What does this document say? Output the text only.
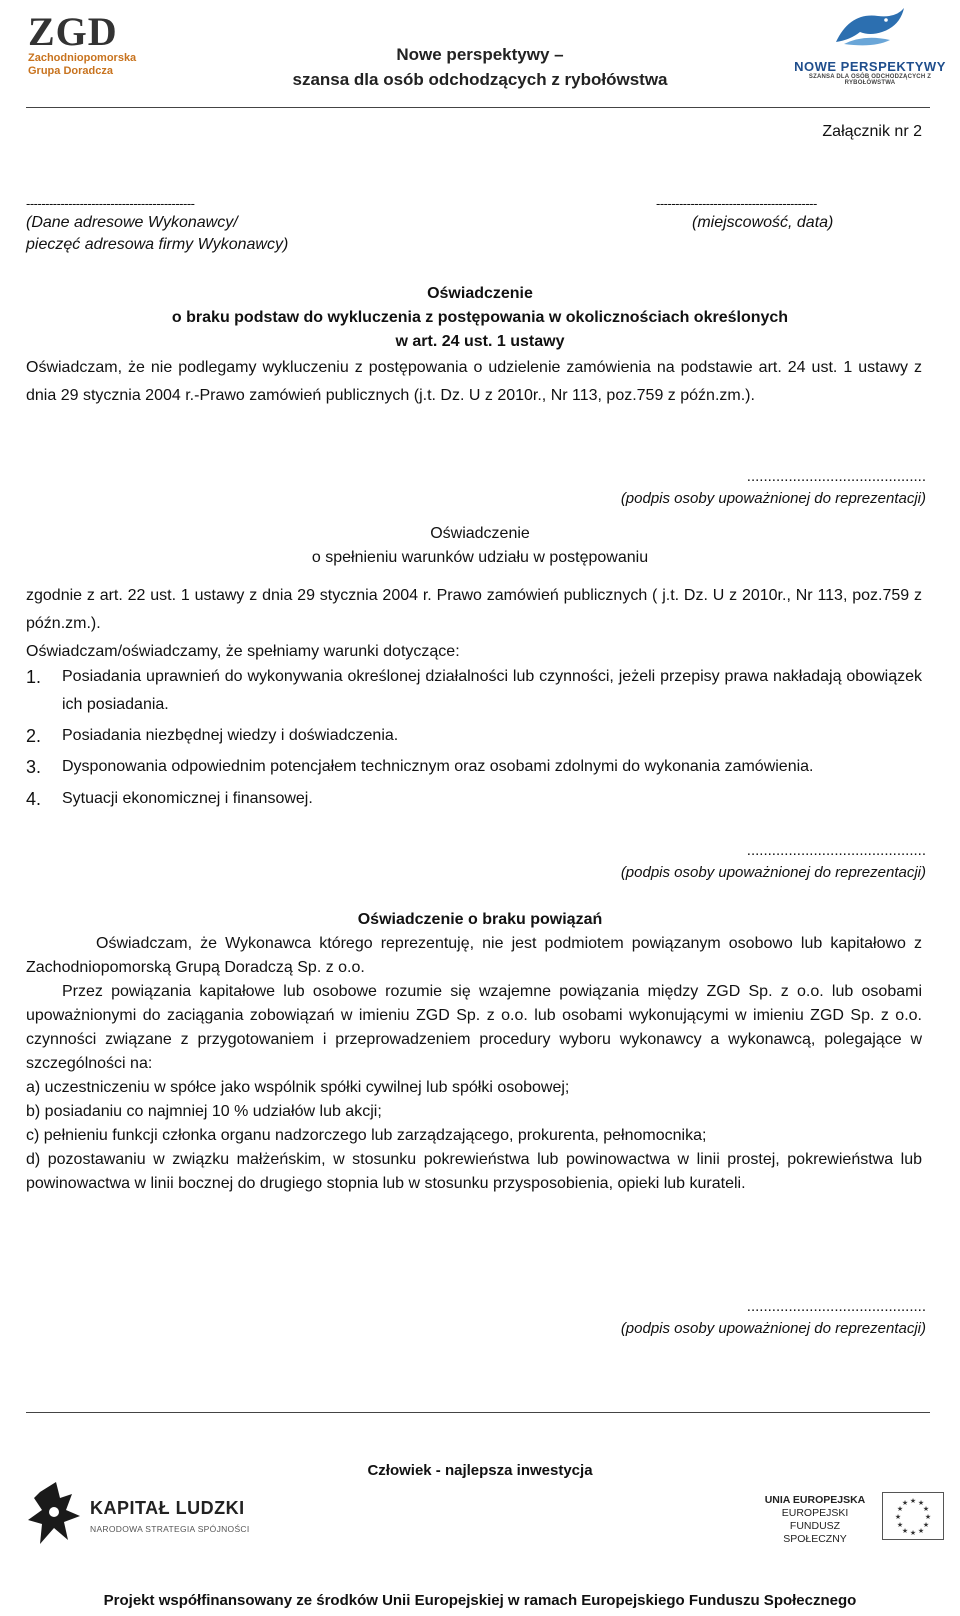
ZGD
Zachodniopomorska
Grupa Doradcza
Nowe perspektywy –
szansa dla osób odchodzących z rybołówstwa
NOWE PERSPEKTYWY
SZANSA DLA OSÓB ODCHODZĄCYCH Z RYBOŁÓWSTWA
Załącznik nr 2
--------------------------------------------	------------------------------------------
(Dane adresowe Wykonawcy/
pieczęć adresowa firmy Wykonawcy)
(miejscowość, data)
Oświadczenie
o braku podstaw do wykluczenia z postępowania w okolicznościach określonych
w art. 24 ust. 1 ustawy
Oświadczam, że nie podlegamy wykluczeniu z postępowania o udzielenie zamówienia na podstawie art. 24 ust. 1 ustawy z dnia 29 stycznia 2004 r.-Prawo zamówień publicznych (j.t. Dz. U z 2010r., Nr 113, poz.759 z późn.zm.).
...........................................
(podpis osoby upoważnionej do reprezentacji)
Oświadczenie
o spełnieniu warunków udziału w postępowaniu
zgodnie z art. 22 ust. 1 ustawy z dnia 29 stycznia 2004 r. Prawo zamówień publicznych ( j.t. Dz. U z 2010r., Nr 113, poz.759 z późn.zm.).
Oświadczam/oświadczamy, że spełniamy warunki dotyczące:
1. Posiadania uprawnień do wykonywania określonej działalności lub czynności, jeżeli przepisy prawa nakładają obowiązek ich posiadania.
2. Posiadania niezbędnej wiedzy i doświadczenia.
3. Dysponowania odpowiednim potencjałem technicznym oraz osobami zdolnymi do wykonania zamówienia.
4. Sytuacji ekonomicznej i finansowej.
...........................................
(podpis osoby upoważnionej do reprezentacji)
Oświadczenie o braku powiązań
Oświadczam, że Wykonawca którego reprezentuję, nie jest podmiotem powiązanym osobowo lub kapitałowo z Zachodniopomorską Grupą Doradczą Sp. z o.o.
Przez powiązania kapitałowe lub osobowe rozumie się wzajemne powiązania między ZGD Sp. z o.o. lub osobami upoważnionymi do zaciągania zobowiązań w imieniu ZGD Sp. z o.o. lub osobami wykonującymi w imieniu ZGD Sp. z o.o. czynności związane z przygotowaniem i przeprowadzeniem procedury wyboru wykonawcy a wykonawcą, polegające w szczególności na:
a) uczestniczeniu w spółce jako wspólnik spółki cywilnej lub spółki osobowej;
b) posiadaniu co najmniej 10 % udziałów lub akcji;
c) pełnieniu funkcji członka organu nadzorczego lub zarządzającego, prokurenta, pełnomocnika;
d) pozostawaniu w związku małżeńskim, w stosunku pokrewieństwa lub powinowactwa w linii prostej, pokrewieństwa lub powinowactwa w linii bocznej do drugiego stopnia lub w stosunku przysposobienia, opieki lub kurateli.
...........................................
(podpis osoby upoważnionej do reprezentacji)
Człowiek - najlepsza inwestycja
KAPITAŁ LUDZKI
NARODOWA STRATEGIA SPÓJNOŚCI
UNIA EUROPEJSKA
EUROPEJSKI
FUNDUSZ SPOŁECZNY
★ ★
★
★
★
★
★
★
★
★
★
★
Projekt współfinansowany ze środków Unii Europejskiej w ramach Europejskiego Funduszu Społecznego
